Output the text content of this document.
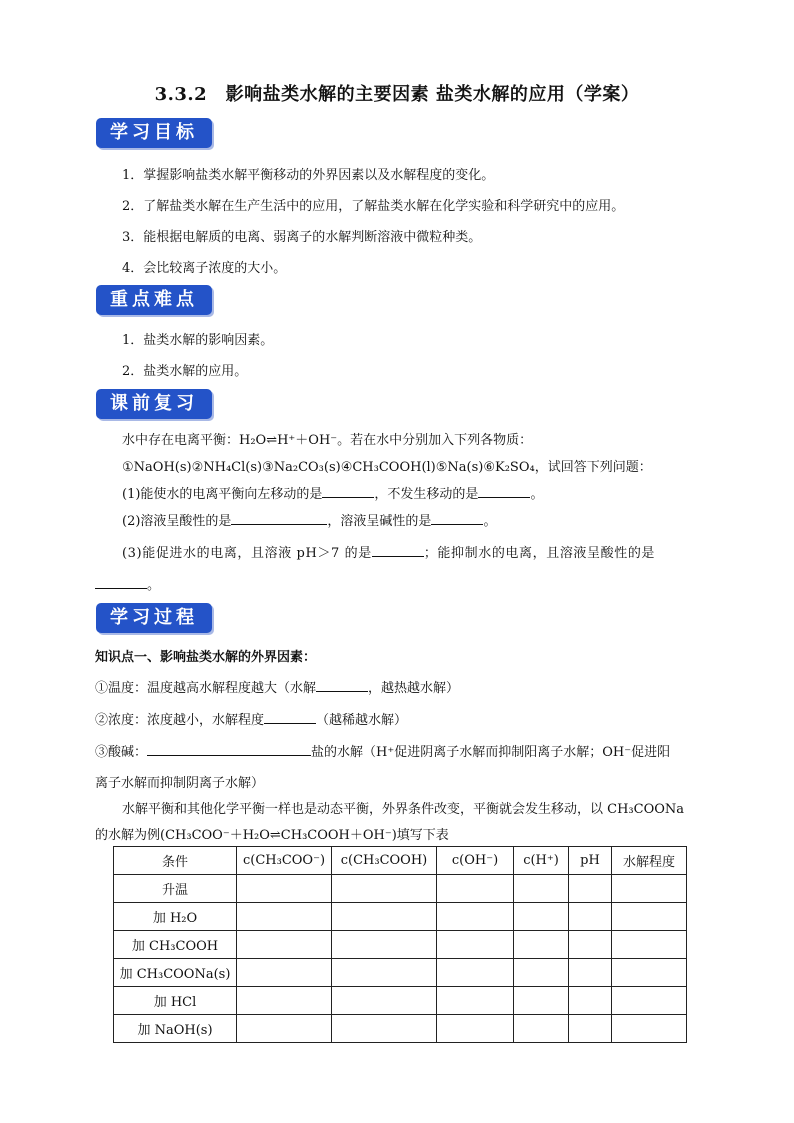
3.3.2　影响盐类水解的主要因素 盐类水解的应用（学案）
学习目标
1．掌握影响盐类水解平衡移动的外界因素以及水解程度的变化。
2．了解盐类水解在生产生活中的应用，了解盐类水解在化学实验和科学研究中的应用。
3．能根据电解质的电离、弱离子的水解判断溶液中微粒种类。
4．会比较离子浓度的大小。
重点难点
1．盐类水解的影响因素。
2．盐类水解的应用。
课前复习
水中存在电离平衡：H₂O⇌H⁺＋OH⁻。若在水中分别加入下列各物质：
①NaOH(s)②NH₄Cl(s)③Na₂CO₃(s)④CH₃COOH(l)⑤Na(s)⑥K₂SO₄，试回答下列问题：
(1)能使水的电离平衡向左移动的是	，不发生移动的是	。
(2)溶液呈酸性的是	，溶液呈碱性的是	。
(3)能促进水的电离，且溶液 pH＞7 的是	；能抑制水的电离，且溶液呈酸性的是
。
学习过程
知识点一、影响盐类水解的外界因素：
①温度：温度越高水解程度越大（水解	，越热越水解）
②浓度：浓度越小，水解程度	（越稀越水解）
③酸碱：	盐的水解（H⁺促进阴离子水解而抑制阳离子水解；OH⁻促进阳
离子水解而抑制阴离子水解）
水解平衡和其他化学平衡一样也是动态平衡，外界条件改变，平衡就会发生移动，以 CH₃COONa
的水解为例(CH₃COO⁻＋H₂O⇌CH₃COOH＋OH⁻)填写下表
条件	c(CH₃COO⁻)	c(CH₃COOH)	c(OH⁻)	c(H⁺)	pH	水解程度
升温						
加 H₂O						
加 CH₃COOH						
加 CH₃COONa(s)						
加 HCl						
加 NaOH(s)						
